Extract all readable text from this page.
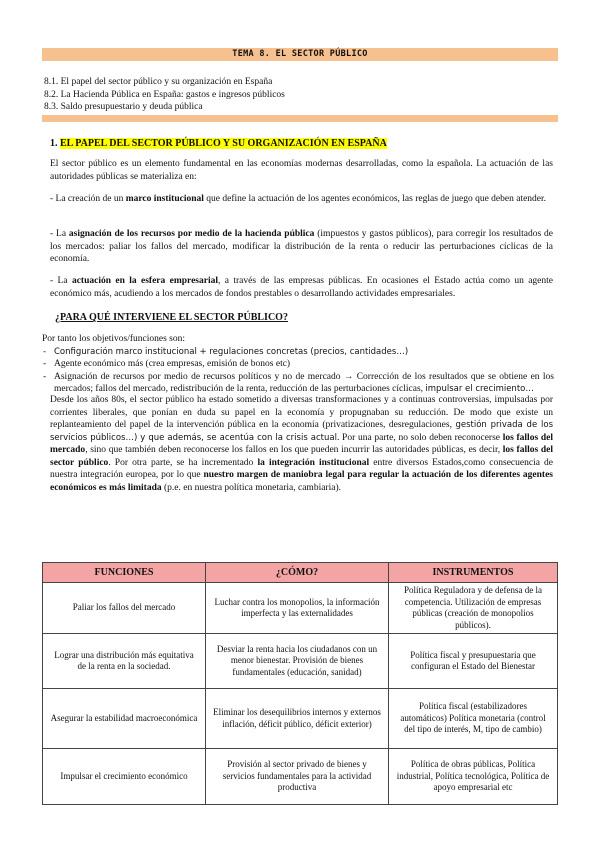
TEMA 8. EL SECTOR PÚBLICO
8.1. El papel del sector público y su organización en España
8.2. La Hacienda Pública en España: gastos e ingresos públicos
8.3. Saldo presupuestario y deuda pública
1. EL PAPEL DEL SECTOR PÚBLICO Y SU ORGANIZACIÓN EN ESPAÑA
El sector público es un elemento fundamental en las economías modernas desarrolladas, como la española. La actuación de las autoridades públicas se materializa en:
- La creación de un marco institucional que define la actuación de los agentes económicos, las reglas de juego que deben atender.
- La asignación de los recursos por medio de la hacienda pública (impuestos y gastos públicos), para corregir los resultados de los mercados: paliar los fallos del mercado, modificar la distribución de la renta o reducir las perturbaciones cíclicas de la economía.
- La actuación en la esfera empresarial, a través de las empresas públicas. En ocasiones el Estado actúa como un agente económico más, acudiendo a los mercados de fondos prestables o desarrollando actividades empresariales.
¿PARA QUÉ INTERVIENE EL SECTOR PÚBLICO?
Por tanto los objetivos/funciones son:
- Configuración marco institucional + regulaciones concretas (precios, cantidades…)
- Agente económico más (crea empresas, emisión de bonos etc)
- Asignación de recursos por medio de recursos políticos y no de mercado → Corrección de los resultados que se obtiene en los mercados; fallos del mercado, redistribución de la renta, reducción de las perturbaciones cíclicas, impulsar el crecimiento…
Desde los años 80s, el sector público ha estado sometido a diversas transformaciones y a continuas controversias, impulsadas por corrientes liberales, que ponían en duda su papel en la economía y propugnaban su reducción. De modo que existe un replanteamiento del papel de la intervención pública en la economía (privatizaciones, desregulaciones, gestión privada de los servicios públicos…) y que además, se acentúa con la crisis actual. Por una parte, no solo deben reconocerse los fallos del mercado, sino que también deben reconocerse los fallos en los que pueden incurrir las autoridades públicas, es decir, los fallos del sector público. Por otra parte, se ha incrementado la integración institucional entre diversos Estados,como consecuencia de nuestra integración europea, por lo que nuestro margen de maniobra legal para regular la actuación de los diferentes agentes económicos es más limitada (p.e. en nuestra política monetaria, cambiaria).
FUNCIONES	¿CÓMO?	INSTRUMENTOS
Paliar los fallos del mercado	Luchar contra los monopolios, la información imperfecta y las externalidades	Política Reguladora y de defensa de la competencia. Utilización de empresas públicas (creación de monopolios públicos).
Lograr una distribución más equitativa de la renta en la sociedad.	Desviar la renta hacia los ciudadanos con un menor bienestar. Provisión de bienes fundamentales (educación, sanidad)	Política fiscal y presupuestaria que configuran el Estado del Bienestar
Asegurar la estabilidad macroeconómica	Eliminar los desequilibrios internos y externos inflación, déficit público, déficit exterior)	Política fiscal (estabilizadores automáticos) Política monetaria (control del tipo de interés, M, tipo de cambio)
Impulsar el crecimiento económico	Provisión al sector privado de bienes y servicios fundamentales para la actividad productiva	Política de obras públicas, Política industrial, Política tecnológica, Política de apoyo empresarial etc
